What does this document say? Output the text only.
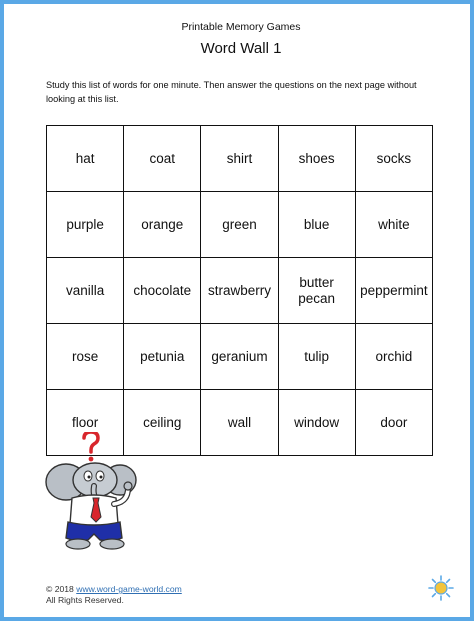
Printable Memory Games
Word Wall 1
Study this list of words for one minute. Then answer the questions on the next page without looking at this list.
hat	coat	shirt	shoes	socks
purple	orange	green	blue	white
vanilla	chocolate	strawberry	butter pecan	peppermint
rose	petunia	geranium	tulip	orchid
floor	ceiling	wall	window	door
© 2018 www.word-game-world.com
All Rights Reserved.
